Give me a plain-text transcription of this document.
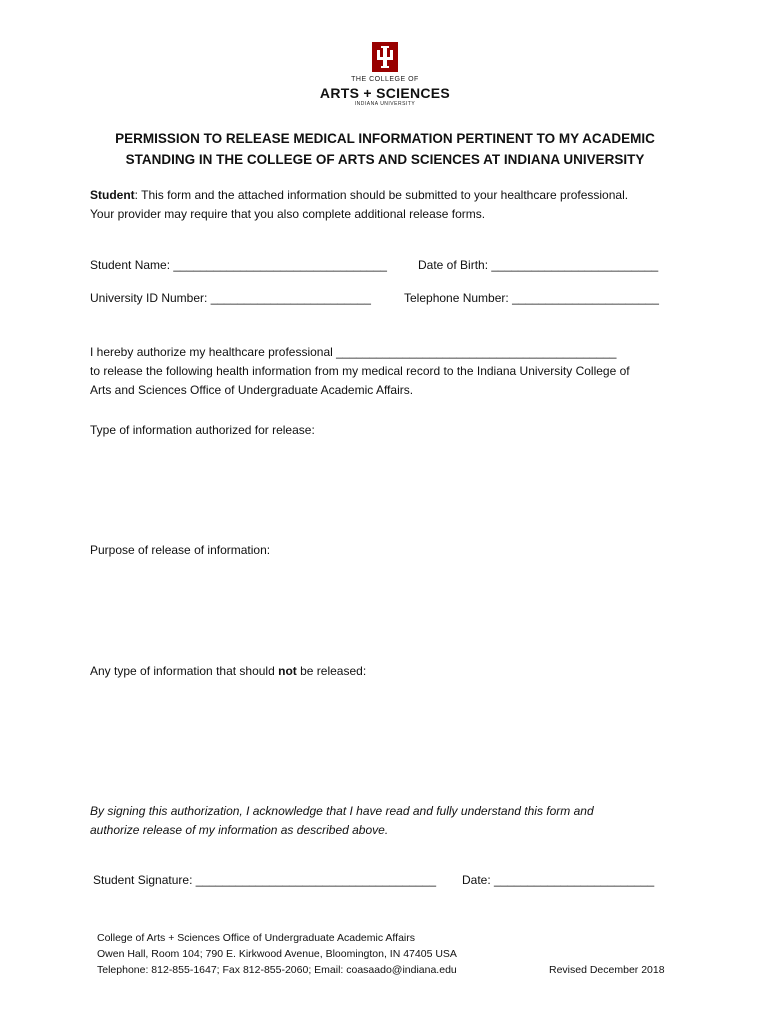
THE COLLEGE OF
ARTS + SCIENCES
INDIANA UNIVERSITY
PERMISSION TO RELEASE MEDICAL INFORMATION PERTINENT TO MY ACADEMIC
STANDING IN THE COLLEGE OF ARTS AND SCIENCES AT INDIANA UNIVERSITY
Student: This form and the attached information should be submitted to your healthcare professional.
Your provider may require that you also complete additional release forms.
Student Name: ________________________________	Date of Birth: _________________________
University ID Number: ________________________	Telephone Number: ______________________
I hereby authorize my healthcare professional __________________________________________
to release the following health information from my medical record to the Indiana University College of
Arts and Sciences Office of Undergraduate Academic Affairs.
Type of information authorized for release:
Purpose of release of information:
Any type of information that should not be released:
By signing this authorization, I acknowledge that I have read and fully understand this form and
authorize release of my information as described above.
Student Signature: ____________________________________ Date: ________________________
College of Arts + Sciences Office of Undergraduate Academic Affairs
Owen Hall, Room 104; 790 E. Kirkwood Avenue, Bloomington, IN 47405 USA
Telephone: 812-855-1647; Fax 812-855-2060; Email: coasaado@indiana.edu	Revised December 2018
